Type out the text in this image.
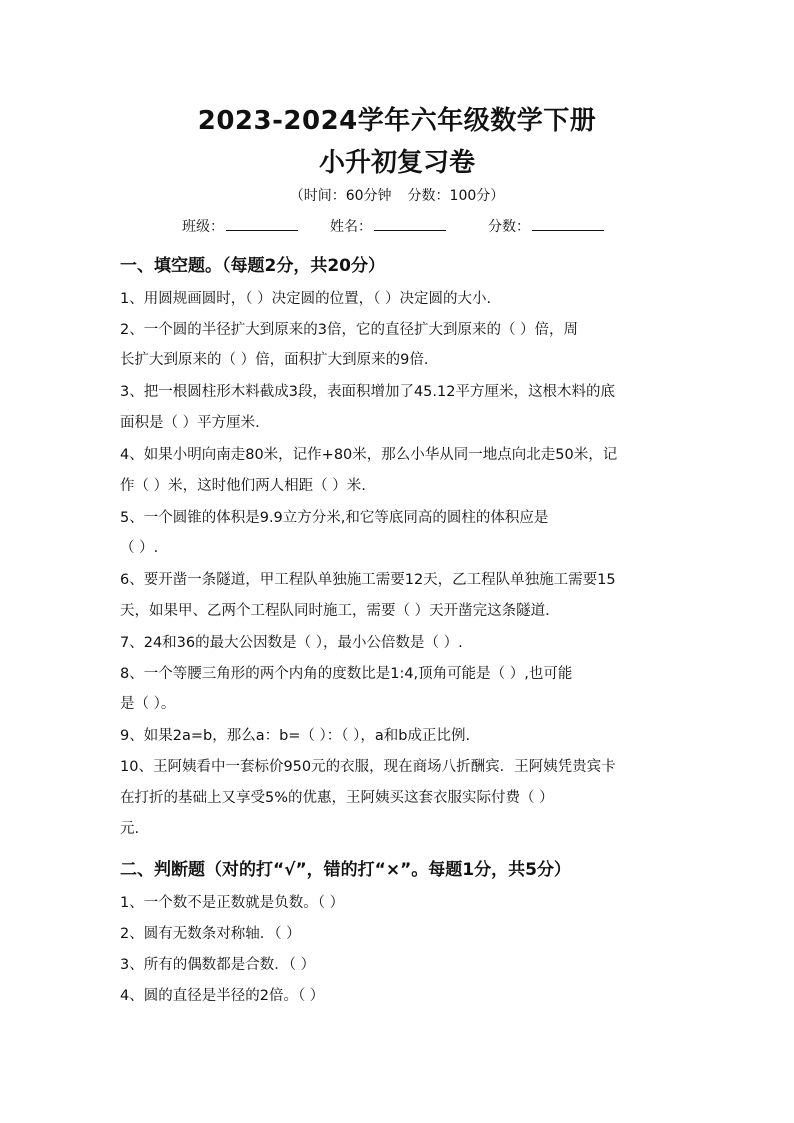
2023-2024学年六年级数学下册
小升初复习卷
（时间：60分钟 分数：100分）
班级：	姓名：	分数：
一、填空题。（每题2分，共20分）
1、用圆规画圆时，（ ）决定圆的位置，（ ）决定圆的大小.
2、一个圆的半径扩大到原来的3倍，它的直径扩大到原来的（ ）倍，周
长扩大到原来的（ ）倍，面积扩大到原来的9倍.
3、把一根圆柱形木料截成3段，表面积增加了45.12平方厘米，这根木料的底
面积是（ ）平方厘米.
4、如果小明向南走80米，记作+80米，那么小华从同一地点向北走50米，记
作（ ）米，这时他们两人相距（ ）米.
5、一个圆锥的体积是9.9立方分米,和它等底同高的圆柱的体积应是
（ ）.
6、要开凿一条隧道，甲工程队单独施工需要12天，乙工程队单独施工需要15
天，如果甲、乙两个工程队同时施工，需要（ ）天开凿完这条隧道.
7、24和36的最大公因数是（ ），最小公倍数是（ ）.
8、一个等腰三角形的两个内角的度数比是1:4,顶角可能是（ ）,也可能
是（ ）。
9、如果2a=b，那么a：b=（ ）：（ ），a和b成正比例.
10、王阿姨看中一套标价950元的衣服，现在商场八折酬宾．王阿姨凭贵宾卡
在打折的基础上又享受5%的优惠，王阿姨买这套衣服实际付费（ ）
元.
二、判断题（对的打“√”，错的打“×”。每题1分，共5分）
1、一个数不是正数就是负数。（ ）
2、圆有无数条对称轴．（ ）
3、所有的偶数都是合数．（ ）
4、圆的直径是半径的2倍。（ ）
